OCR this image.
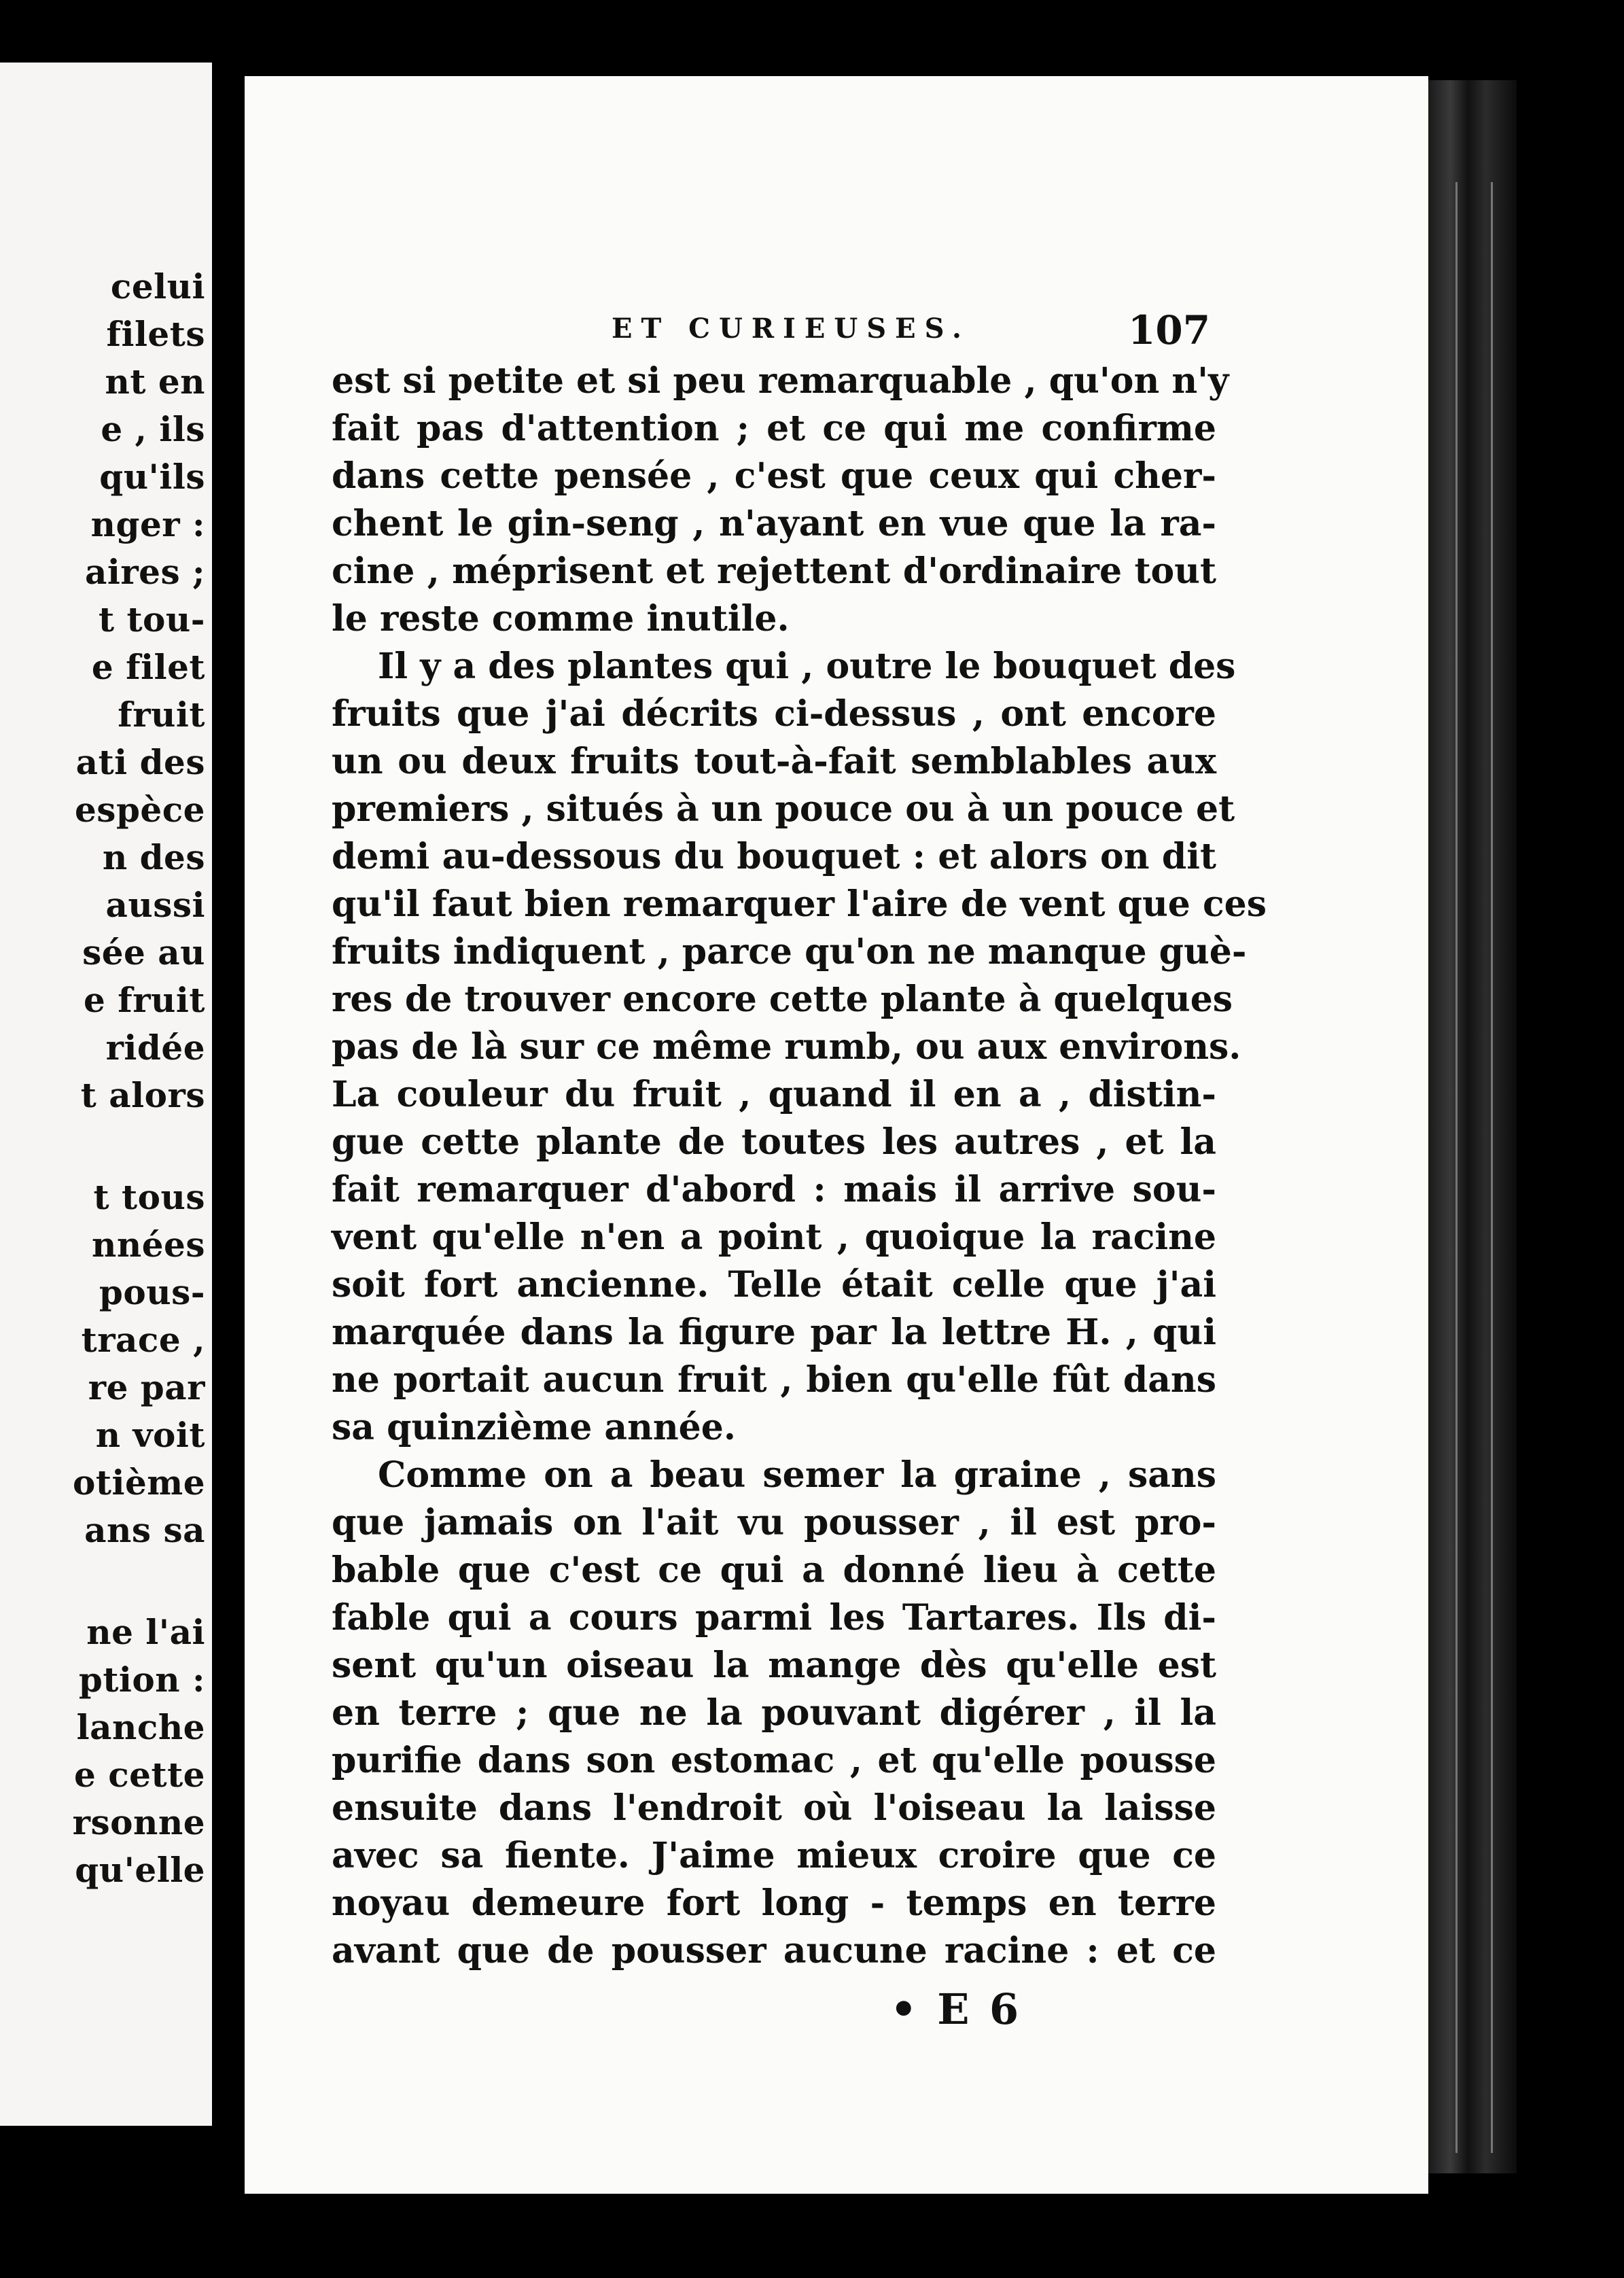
celui

filets

nt en

e , ils

qu'ils

nger :

aires ;

t tou-

e filet

fruit

ati des

espèce

n des

aussi

sée au

e fruit

ridée

t alors

t tous

nnées

pous-

trace ,

re par

n voit

otième

ans sa

ne l'ai

ption :

lanche

e cette

rsonne

qu'elle

ET CURIEUSES.	107

est si petite et si peu remarquable , qu'on n'y

fait pas d'attention ; et ce qui me confirme

dans cette pensée , c'est que ceux qui cher-

chent le gin-seng , n'ayant en vue que la ra-

cine , méprisent et rejettent d'ordinaire tout

le reste comme inutile.

Il y a des plantes qui , outre le bouquet des

fruits que j'ai décrits ci-dessus , ont encore

un ou deux fruits tout-à-fait semblables aux

premiers , situés à un pouce ou à un pouce et

demi au-dessous du bouquet : et alors on dit

qu'il faut bien remarquer l'aire de vent que ces

fruits indiquent , parce qu'on ne manque guè-

res de trouver encore cette plante à quelques

pas de là sur ce même rumb, ou aux environs.

La couleur du fruit , quand il en a , distin-

gue cette plante de toutes les autres , et la

fait remarquer d'abord : mais il arrive sou-

vent qu'elle n'en a point , quoique la racine

soit fort ancienne. Telle était celle que j'ai

marquée dans la figure par la lettre H. , qui

ne portait aucun fruit , bien qu'elle fût dans

sa quinzième année.

Comme on a beau semer la graine , sans

que jamais on l'ait vu pousser , il est pro-

bable que c'est ce qui a donné lieu à cette

fable qui a cours parmi les Tartares. Ils di-

sent qu'un oiseau la mange dès qu'elle est

en terre ; que ne la pouvant digérer , il la

purifie dans son estomac , et qu'elle pousse

ensuite dans l'endroit où l'oiseau la laisse

avec sa fiente. J'aime mieux croire que ce

noyau demeure fort long - temps en terre

avant que de pousser aucune racine : et ce

• E 6
